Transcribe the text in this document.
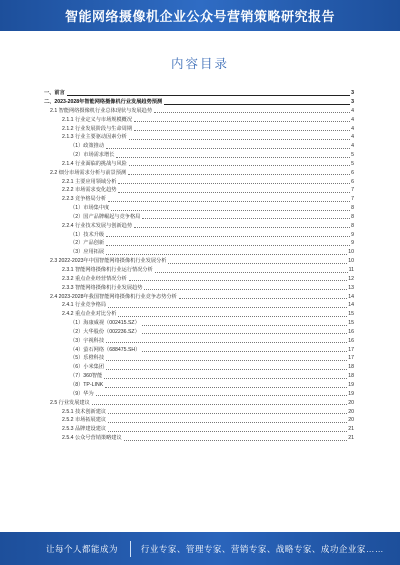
智能网络摄像机企业公众号营销策略研究报告
内容目录
一、前言	3
二、2023-2028年智能网络摄像机行业发展趋势预测	3
2.1 智能网络摄像机行业总体现状与发展趋势	4
2.1.1 行业定义与市场规模概况	4
2.1.2 行业发展阶段与生命周期	4
2.1.3 行业主要驱动因素分析	4
（1）政策推动	4
（2）市场需求增长	5
2.1.4 行业面临的挑战与风险	5
2.2 细分市场需求分析与前景预测	6
2.2.1 主要应用领域分析	6
2.2.2 市场需求变化趋势	7
2.2.3 竞争格局分析	7
（1）市场集中度	8
（2）国产品牌崛起与竞争格局	8
2.2.4 行业技术发展与创新趋势	8
（1）技术升级	9
（2）产品创新	9
（3）应用拓展	10
2.3 2022-2023年中国智能网络摄像机行业发展分析	10
2.3.1 智能网络摄像机行业运行情况分析	11
2.3.2 重点企业经营情况分析	12
2.3.3 智能网络摄像机行业发展趋势	13
2.4 2023-2028年我国智能网络摄像机行业竞争态势分析	14
2.4.1 行业竞争格局	14
2.4.2 重点企业对比分析	15
（1）海康威视（002415.SZ）	15
（2）大华股份（002236.SZ）	16
（3）宇视科技	16
（4）萤石网络（688475.SH）	17
（5）乐橙科技	17
（6）小米集团	18
（7）360智能	18
（8）TP-LINK	19
（9）华为	19
2.5 行业发展建议	20
2.5.1 技术创新建议	20
2.5.2 市场拓展建议	20
2.5.3 品牌建设建议	21
2.5.4 公众号营销策略建议	21
让每个人都能成为	行业专家、管理专家、营销专家、战略专家、成功企业家……
